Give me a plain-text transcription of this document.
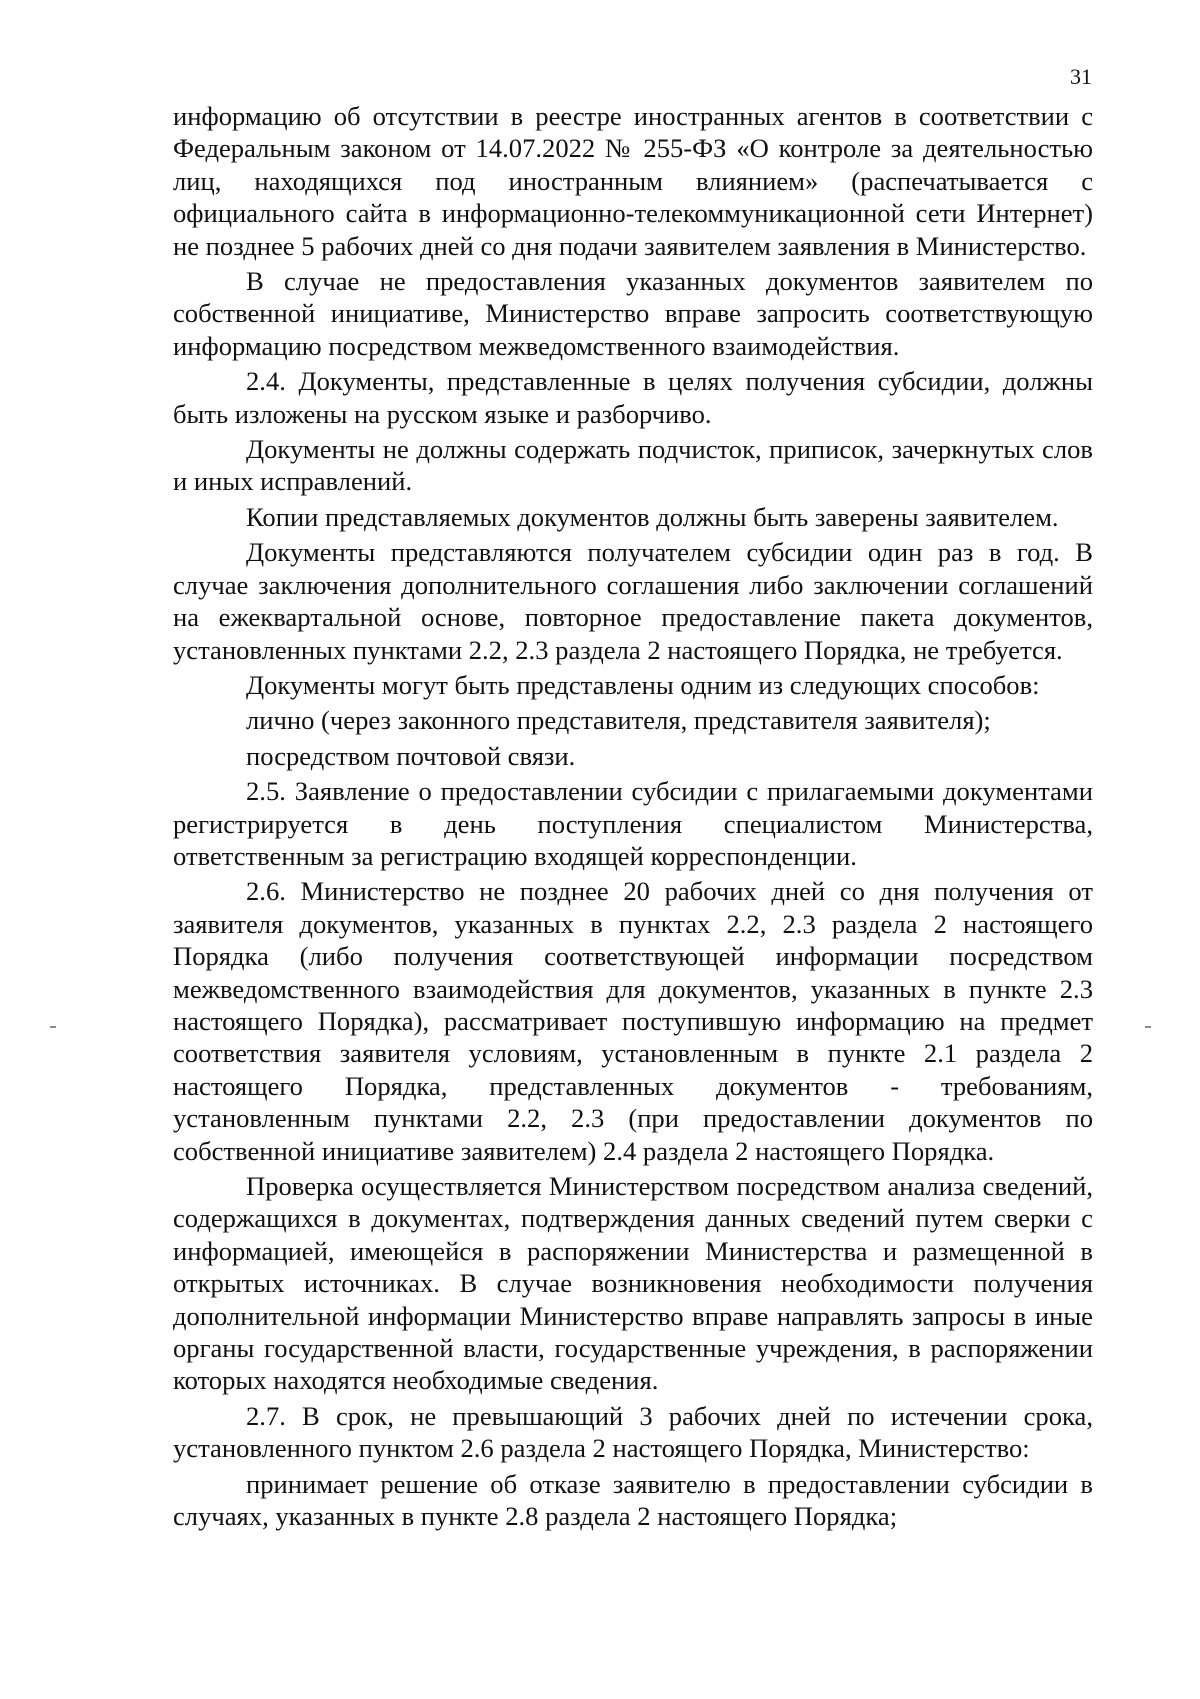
31

информацию об отсутствии в реестре иностранных агентов в соответствии с Федеральным законом от 14.07.2022 № 255-ФЗ «О контроле за деятельностью лиц, находящихся под иностранным влиянием» (распечатывается с официального сайта в информационно-телекоммуникационной сети Интернет) не позднее 5 рабочих дней со дня подачи заявителем заявления в Министерство.

В случае не предоставления указанных документов заявителем по собственной инициативе, Министерство вправе запросить соответствующую информацию посредством межведомственного взаимодействия.

2.4. Документы, представленные в целях получения субсидии, должны быть изложены на русском языке и разборчиво.

Документы не должны содержать подчисток, приписок, зачеркнутых слов и иных исправлений.

Копии представляемых документов должны быть заверены заявителем.

Документы представляются получателем субсидии один раз в год. В случае заключения дополнительного соглашения либо заключении соглашений на ежеквартальной основе, повторное предоставление пакета документов, установленных пунктами 2.2, 2.3 раздела 2 настоящего Порядка, не требуется.

Документы могут быть представлены одним из следующих способов:

лично (через законного представителя, представителя заявителя);

посредством почтовой связи.

2.5. Заявление о предоставлении субсидии с прилагаемыми документами регистрируется в день поступления специалистом Министерства, ответственным за регистрацию входящей корреспонденции.

2.6. Министерство не позднее 20 рабочих дней со дня получения от заявителя документов, указанных в пунктах 2.2, 2.3 раздела 2 настоящего Порядка (либо получения соответствующей информации посредством межведомственного взаимодействия для документов, указанных в пункте 2.3 настоящего Порядка), рассматривает поступившую информацию на предмет соответствия заявителя условиям, установленным в пункте 2.1 раздела 2 настоящего Порядка, представленных документов - требованиям, установленным пунктами 2.2, 2.3 (при предоставлении документов по собственной инициативе заявителем) 2.4 раздела 2 настоящего Порядка.

Проверка осуществляется Министерством посредством анализа сведений, содержащихся в документах, подтверждения данных сведений путем сверки с информацией, имеющейся в распоряжении Министерства и размещенной в открытых источниках. В случае возникновения необходимости получения дополнительной информации Министерство вправе направлять запросы в иные органы государственной власти, государственные учреждения, в распоряжении которых находятся необходимые сведения.

2.7. В срок, не превышающий 3 рабочих дней по истечении срока, установленного пунктом 2.6 раздела 2 настоящего Порядка, Министерство:

принимает решение об отказе заявителю в предоставлении субсидии в случаях, указанных в пункте 2.8 раздела 2 настоящего Порядка;
